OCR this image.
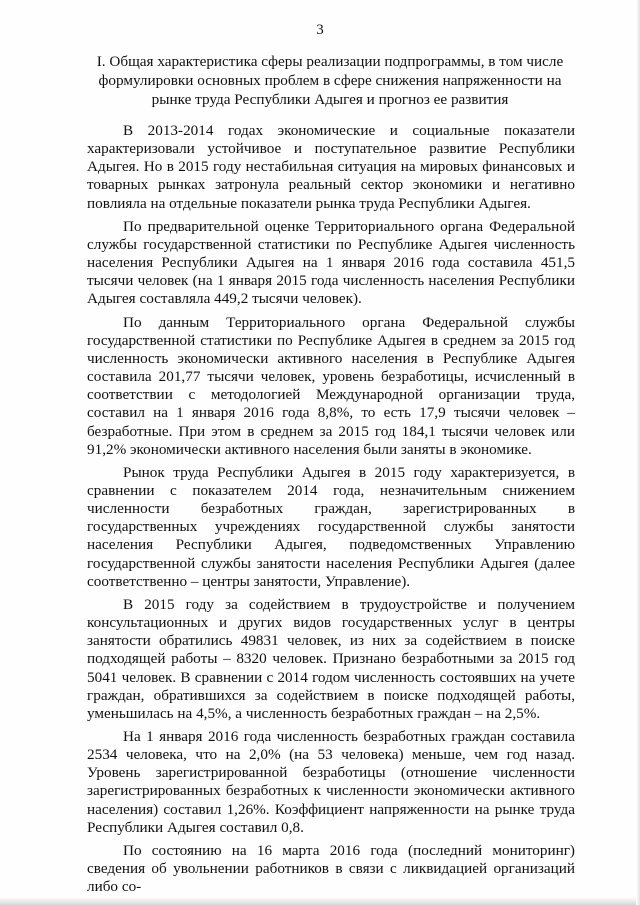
3
I. Общая характеристика сферы реализации подпрограммы, в том числе формулировки основных проблем в сфере снижения напряженности на рынке труда Республики Адыгея и прогноз ее развития

В 2013-2014 годах экономические и социальные показатели характеризовали устойчивое и поступательное развитие Республики Адыгея. Но в 2015 году нестабильная ситуация на мировых финансовых и товарных рынках затронула реальный сектор экономики и негативно повлияла на отдельные показатели рынка труда Республики Адыгея.

По предварительной оценке Территориального органа Федеральной службы государственной статистики по Республике Адыгея численность населения Республики Адыгея на 1 января 2016 года составила 451,5 тысячи человек (на 1 января 2015 года численность населения Республики Адыгея составляла 449,2 тысячи человек).

По данным Территориального органа Федеральной службы государственной статистики по Республике Адыгея в среднем за 2015 год численность экономически активного населения в Республике Адыгея составила 201,77 тысячи человек, уровень безработицы, исчисленный в соответствии с методологией Международной организации труда, составил на 1 января 2016 года 8,8%, то есть 17,9 тысячи человек – безработные. При этом в среднем за 2015 год 184,1 тысячи человек или 91,2% экономически активного населения были заняты в экономике.

Рынок труда Республики Адыгея в 2015 году характеризуется, в сравнении с показателем 2014 года, незначительным снижением численности безработных граждан, зарегистрированных в государственных учреждениях государственной службы занятости населения Республики Адыгея, подведомственных Управлению государственной службы занятости населения Республики Адыгея (далее соответственно – центры занятости, Управление).

В 2015 году за содействием в трудоустройстве и получением консультационных и других видов государственных услуг в центры занятости обратились 49831 человек, из них за содействием в поиске подходящей работы – 8320 человек. Признано безработными за 2015 год 5041 человек. В сравнении с 2014 годом численность состоявших на учете граждан, обратившихся за содействием в поиске подходящей работы, уменьшилась на 4,5%, а численность безработных граждан – на 2,5%.

На 1 января 2016 года численность безработных граждан составила 2534 человека, что на 2,0% (на 53 человека) меньше, чем год назад. Уровень зарегистрированной безработицы (отношение численности зарегистрированных безработных к численности экономически активного населения) составил 1,26%. Коэффициент напряженности на рынке труда Республики Адыгея составил 0,8.

По состоянию на 16 марта 2016 года (последний мониторинг) сведения об увольнении работников в связи с ликвидацией организаций либо со-
